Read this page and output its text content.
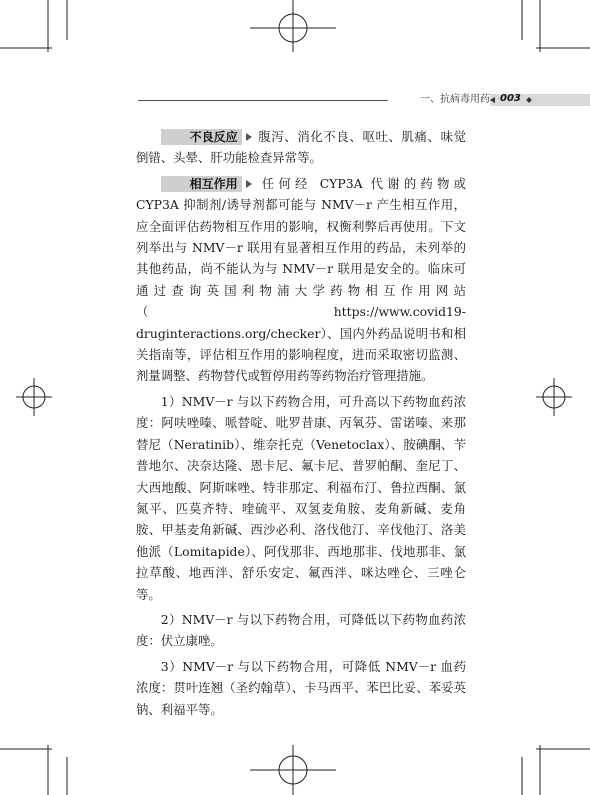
一、抗病毒用药 003

不良反应 腹泻、消化不良、呕吐、肌痛、味觉倒错、头晕、肝功能检查异常等。

相互作用 任何经 CYP3A 代谢的药物或 CYP3A 抑制剂/诱导剂都可能与 NMV－r 产生相互作用，应全面评估药物相互作用的影响，权衡利弊后再使用。下文列举出与 NMV－r 联用有显著相互作用的药品，未列举的其他药品，尚不能认为与 NMV－r 联用是安全的。临床可通过查询英国利物浦大学药物相互作用网站（https://www.covid19-druginteractions.org/checker）、国内外药品说明书和相关指南等，评估相互作用的影响程度，进而采取密切监测、剂量调整、药物替代或暂停用药等药物治疗管理措施。

1）NMV－r 与以下药物合用，可升高以下药物血药浓度：阿呋唑嗪、哌替啶、吡罗昔康、丙氧芬、雷诺嗪、来那替尼（Neratinib）、维奈托克（Venetoclax）、胺碘酮、苄普地尔、决奈达隆、恩卡尼、氟卡尼、普罗帕酮、奎尼丁、大西地酸、阿斯咪唑、特非那定、利福布汀、鲁拉西酮、氯氮平、匹莫齐特、喹硫平、双氢麦角胺、麦角新碱、麦角胺、甲基麦角新碱、西沙必利、洛伐他汀、辛伐他汀、洛美他派（Lomitapide）、阿伐那非、西地那非、伐地那非、氯拉草酸、地西泮、舒乐安定、氟西泮、咪达唑仑、三唑仑等。

2）NMV－r 与以下药物合用，可降低以下药物血药浓度：伏立康唑。

3）NMV－r 与以下药物合用，可降低 NMV－r 血药浓度：贯叶连翘（圣约翰草）、卡马西平、苯巴比妥、苯妥英钠、利福平等。
